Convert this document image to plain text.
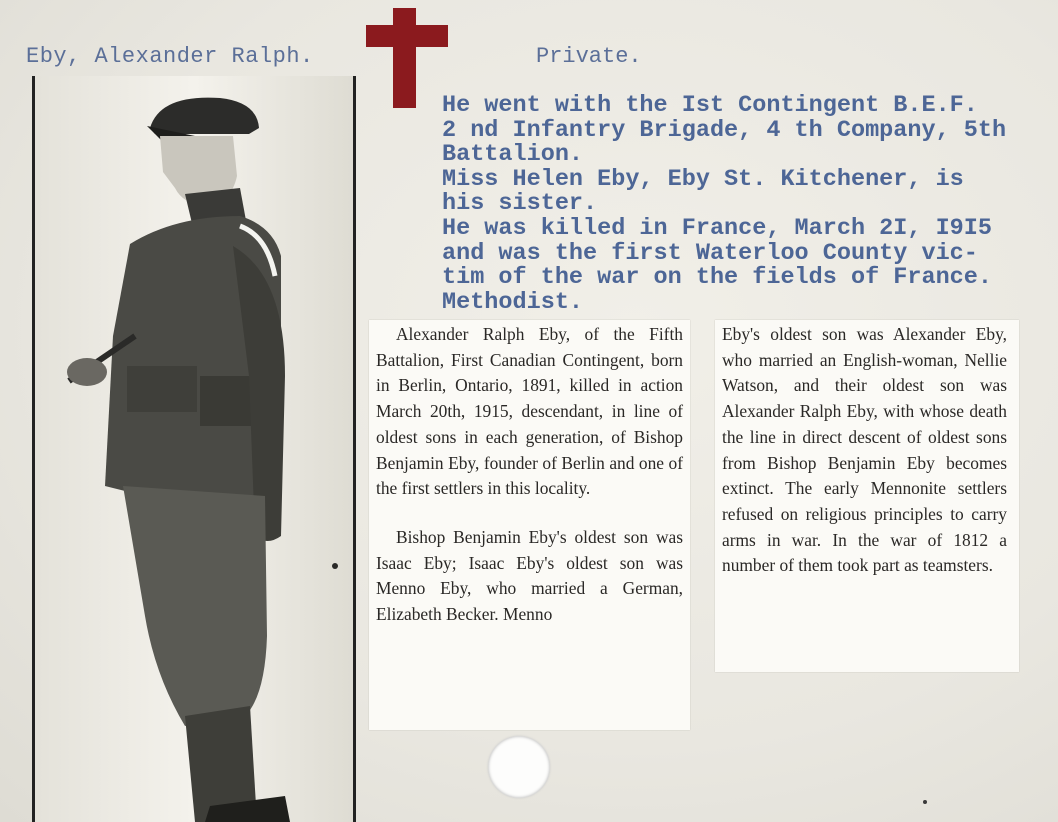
Eby, Alexander Ralph.	Private.
He went with the Ist Contingent B.E.F.
2 nd Infantry Brigade, 4 th Company, 5th
Battalion.
Miss Helen Eby, Eby St. Kitchener, is
his sister.
He was killed in France, March 2I, I9I5
and was the first Waterloo County vic-
tim of the war on the fields of France.
Methodist.

Alexander Ralph Eby, of the Fifth Battalion, First Canadian Contingent, born in Berlin, Ontario, 1891, killed in action March 20th, 1915, descendant, in line of oldest sons in each generation, of Bishop Benjamin Eby, founder of Berlin and one of the first settlers in this locality.

Bishop Benjamin Eby's oldest son was Isaac Eby; Isaac Eby's oldest son was Menno Eby, who married a German, Elizabeth Becker. Menno

Eby's oldest son was Alexander Eby, who married an English-woman, Nellie Watson, and their oldest son was Alexander Ralph Eby, with whose death the line in direct descent of oldest sons from Bishop Benjamin Eby becomes extinct. The early Mennonite settlers refused on religious principles to carry arms in war. In the war of 1812 a number of them took part as teamsters.
